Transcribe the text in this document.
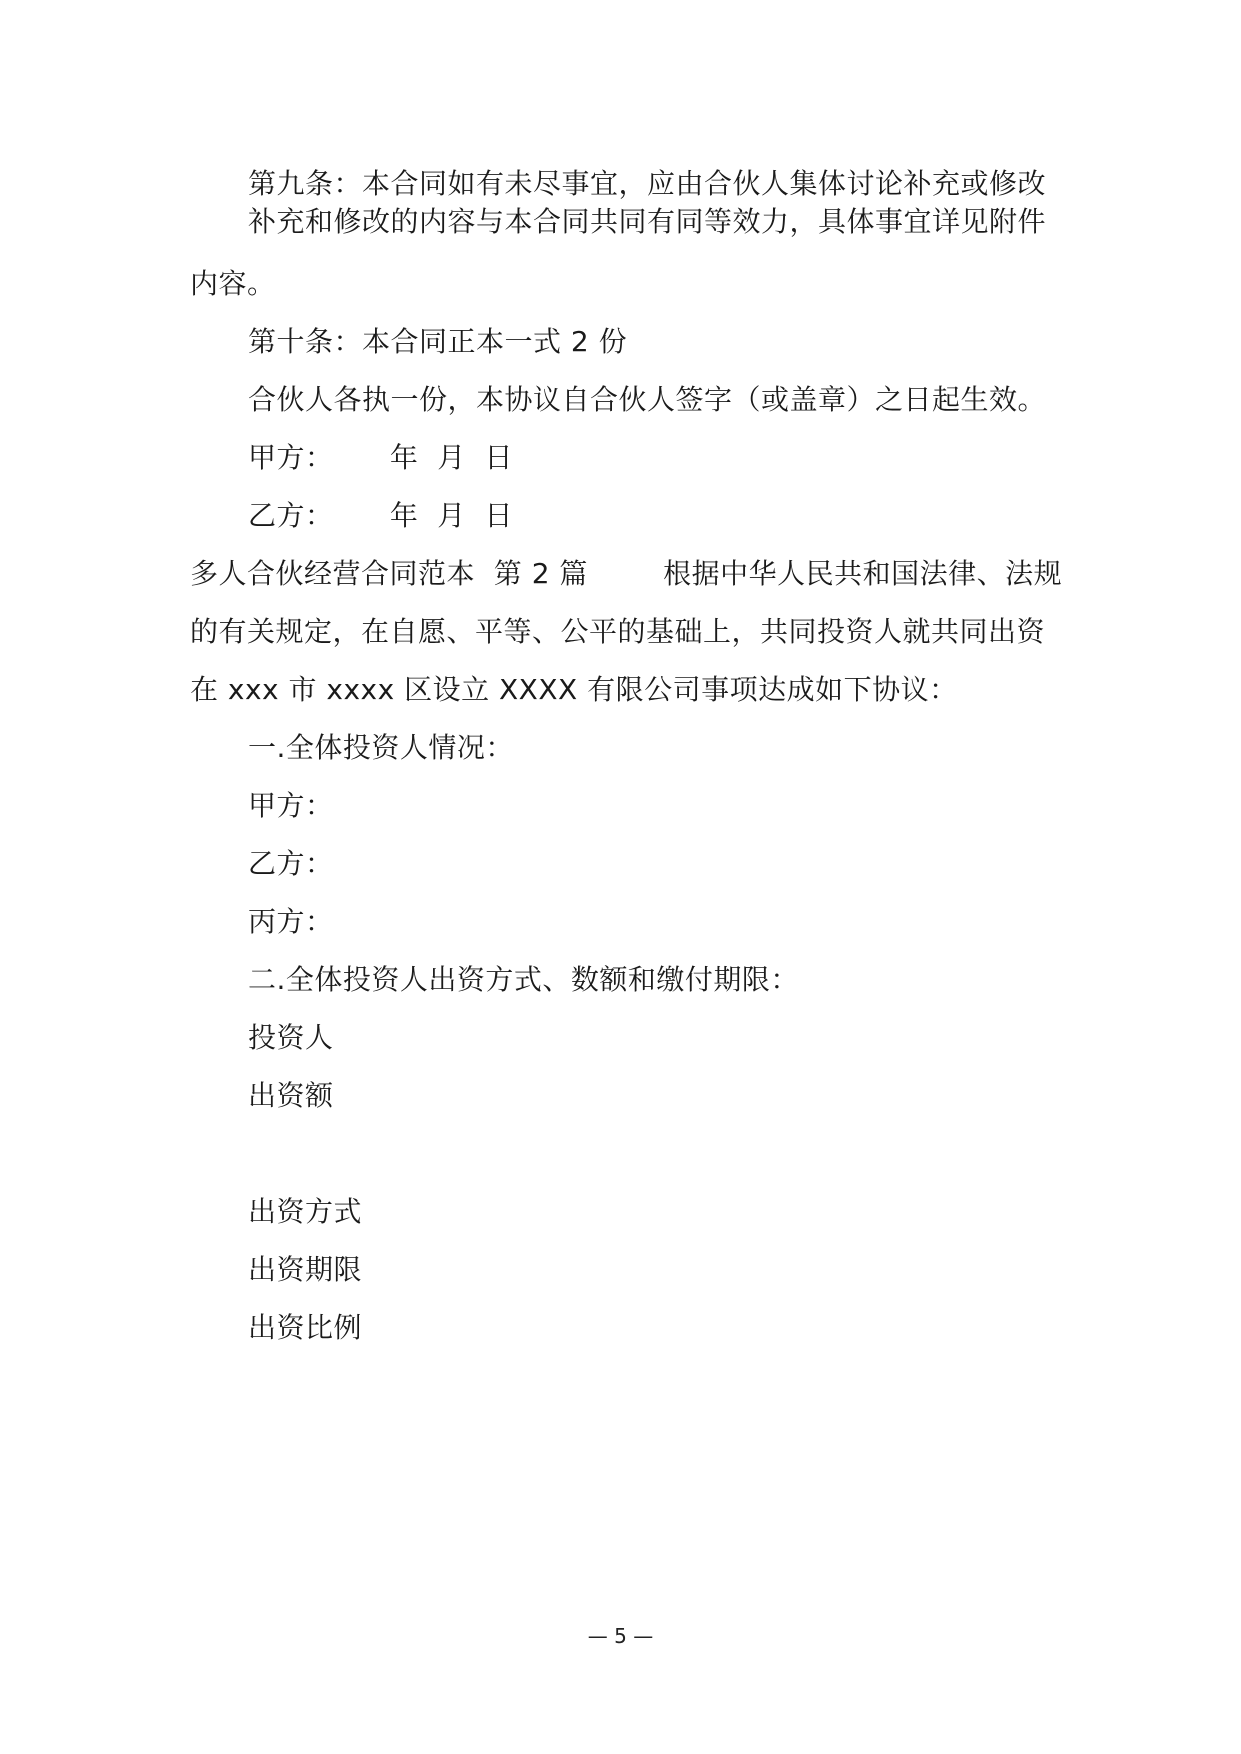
第九条：本合同如有未尽事宜，应由合伙人集体讨论补充或修改
补充和修改的内容与本合同共同有同等效力，具体事宜详见附件
内容。
第十条：本合同正本一式 2 份
合伙人各执一份，本协议自合伙人签字（或盖章）之日起生效。
甲方：      年  月  日
乙方：      年  月  日
多人合伙经营合同范本  第 2 篇        根据中华人民共和国法律、法规
的有关规定，在自愿、平等、公平的基础上，共同投资人就共同出资
在 xxx 市 xxxx 区设立 XXXX 有限公司事项达成如下协议：
一.全体投资人情况：
甲方：
乙方：
丙方：
二.全体投资人出资方式、数额和缴付期限：
投资人
出资额
出资方式
出资期限
出资比例
— 5 —
